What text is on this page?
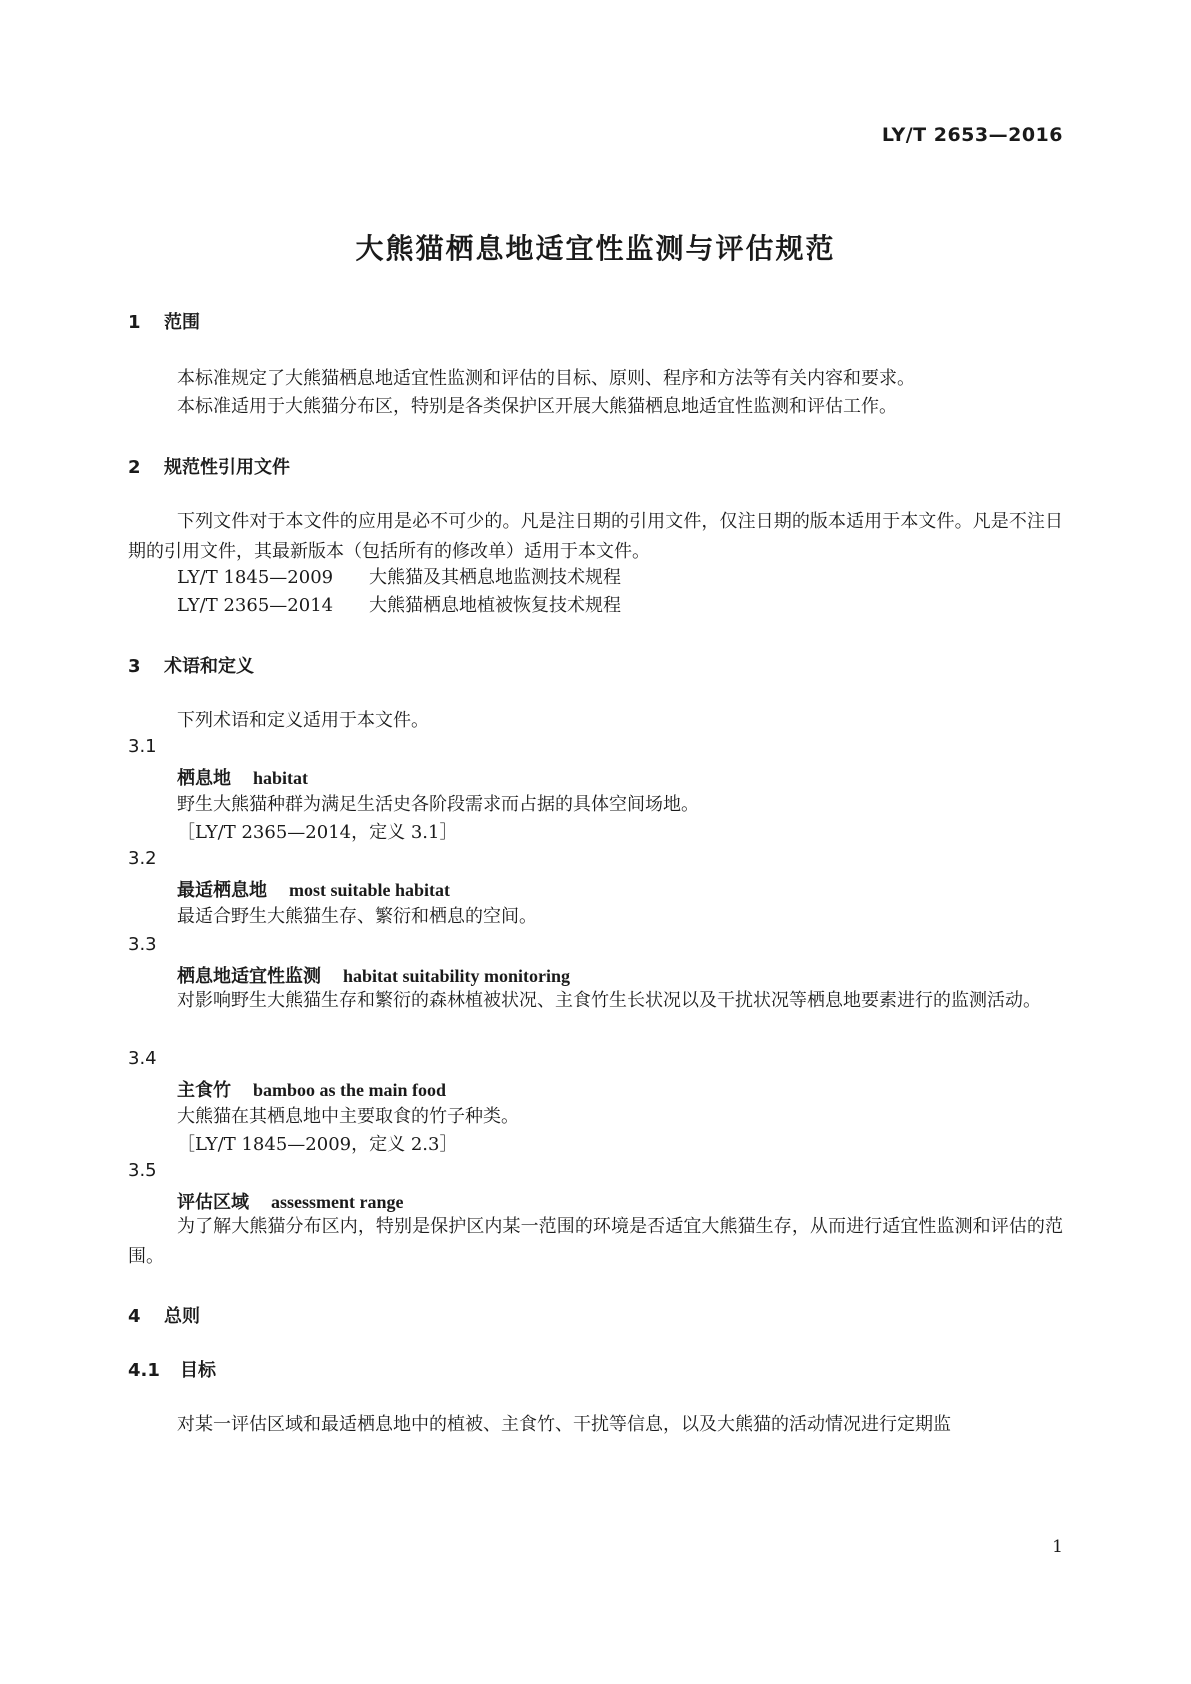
LY/T 2653—2016
大熊猫栖息地适宜性监测与评估规范
1 范围
本标准规定了大熊猫栖息地适宜性监测和评估的目标、原则、程序和方法等有关内容和要求。
本标准适用于大熊猫分布区，特别是各类保护区开展大熊猫栖息地适宜性监测和评估工作。
2 规范性引用文件
下列文件对于本文件的应用是必不可少的。凡是注日期的引用文件，仅注日期的版本适用于本文件。凡是不注日期的引用文件，其最新版本（包括所有的修改单）适用于本文件。
LY/T 1845—2009 大熊猫及其栖息地监测技术规程
LY/T 2365—2014 大熊猫栖息地植被恢复技术规程
3 术语和定义
下列术语和定义适用于本文件。
3.1
栖息地 habitat
野生大熊猫种群为满足生活史各阶段需求而占据的具体空间场地。
［LY/T 2365—2014，定义 3.1］
3.2
最适栖息地 most suitable habitat
最适合野生大熊猫生存、繁衍和栖息的空间。
3.3
栖息地适宜性监测 habitat suitability monitoring
对影响野生大熊猫生存和繁衍的森林植被状况、主食竹生长状况以及干扰状况等栖息地要素进行的监测活动。
3.4
主食竹 bamboo as the main food
大熊猫在其栖息地中主要取食的竹子种类。
［LY/T 1845—2009，定义 2.3］
3.5
评估区域 assessment range
为了解大熊猫分布区内，特别是保护区内某一范围的环境是否适宜大熊猫生存，从而进行适宜性监测和评估的范围。
4 总则
4.1 目标
对某一评估区域和最适栖息地中的植被、主食竹、干扰等信息，以及大熊猫的活动情况进行定期监
1
